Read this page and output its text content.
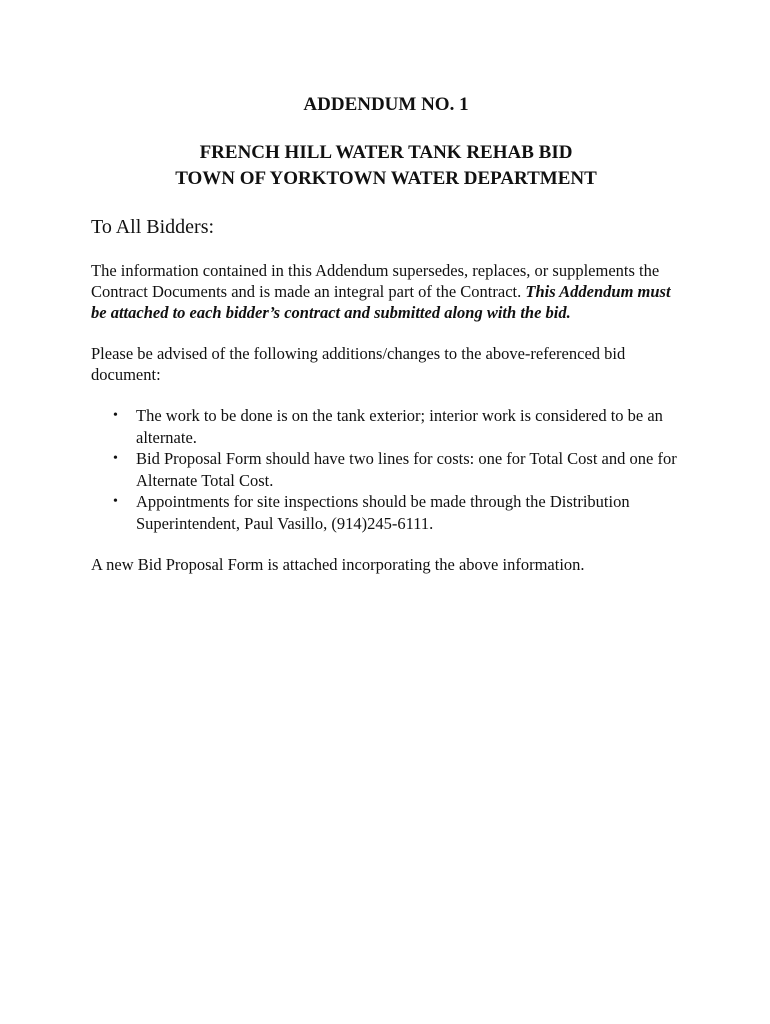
ADDENDUM NO. 1

FRENCH HILL WATER TANK REHAB BID

TOWN OF YORKTOWN WATER DEPARTMENT

To All Bidders:
The information contained in this Addendum supersedes, replaces, or supplements the Contract Documents and is made an integral part of the Contract. This Addendum must be attached to each bidder’s contract and submitted along with the bid.
Please be advised of the following additions/changes to the above-referenced bid document:
• The work to be done is on the tank exterior; interior work is considered to be an alternate.
• Bid Proposal Form should have two lines for costs: one for Total Cost and one for Alternate Total Cost.
• Appointments for site inspections should be made through the Distribution Superintendent, Paul Vasillo, (914)245-6111.
A new Bid Proposal Form is attached incorporating the above information.
